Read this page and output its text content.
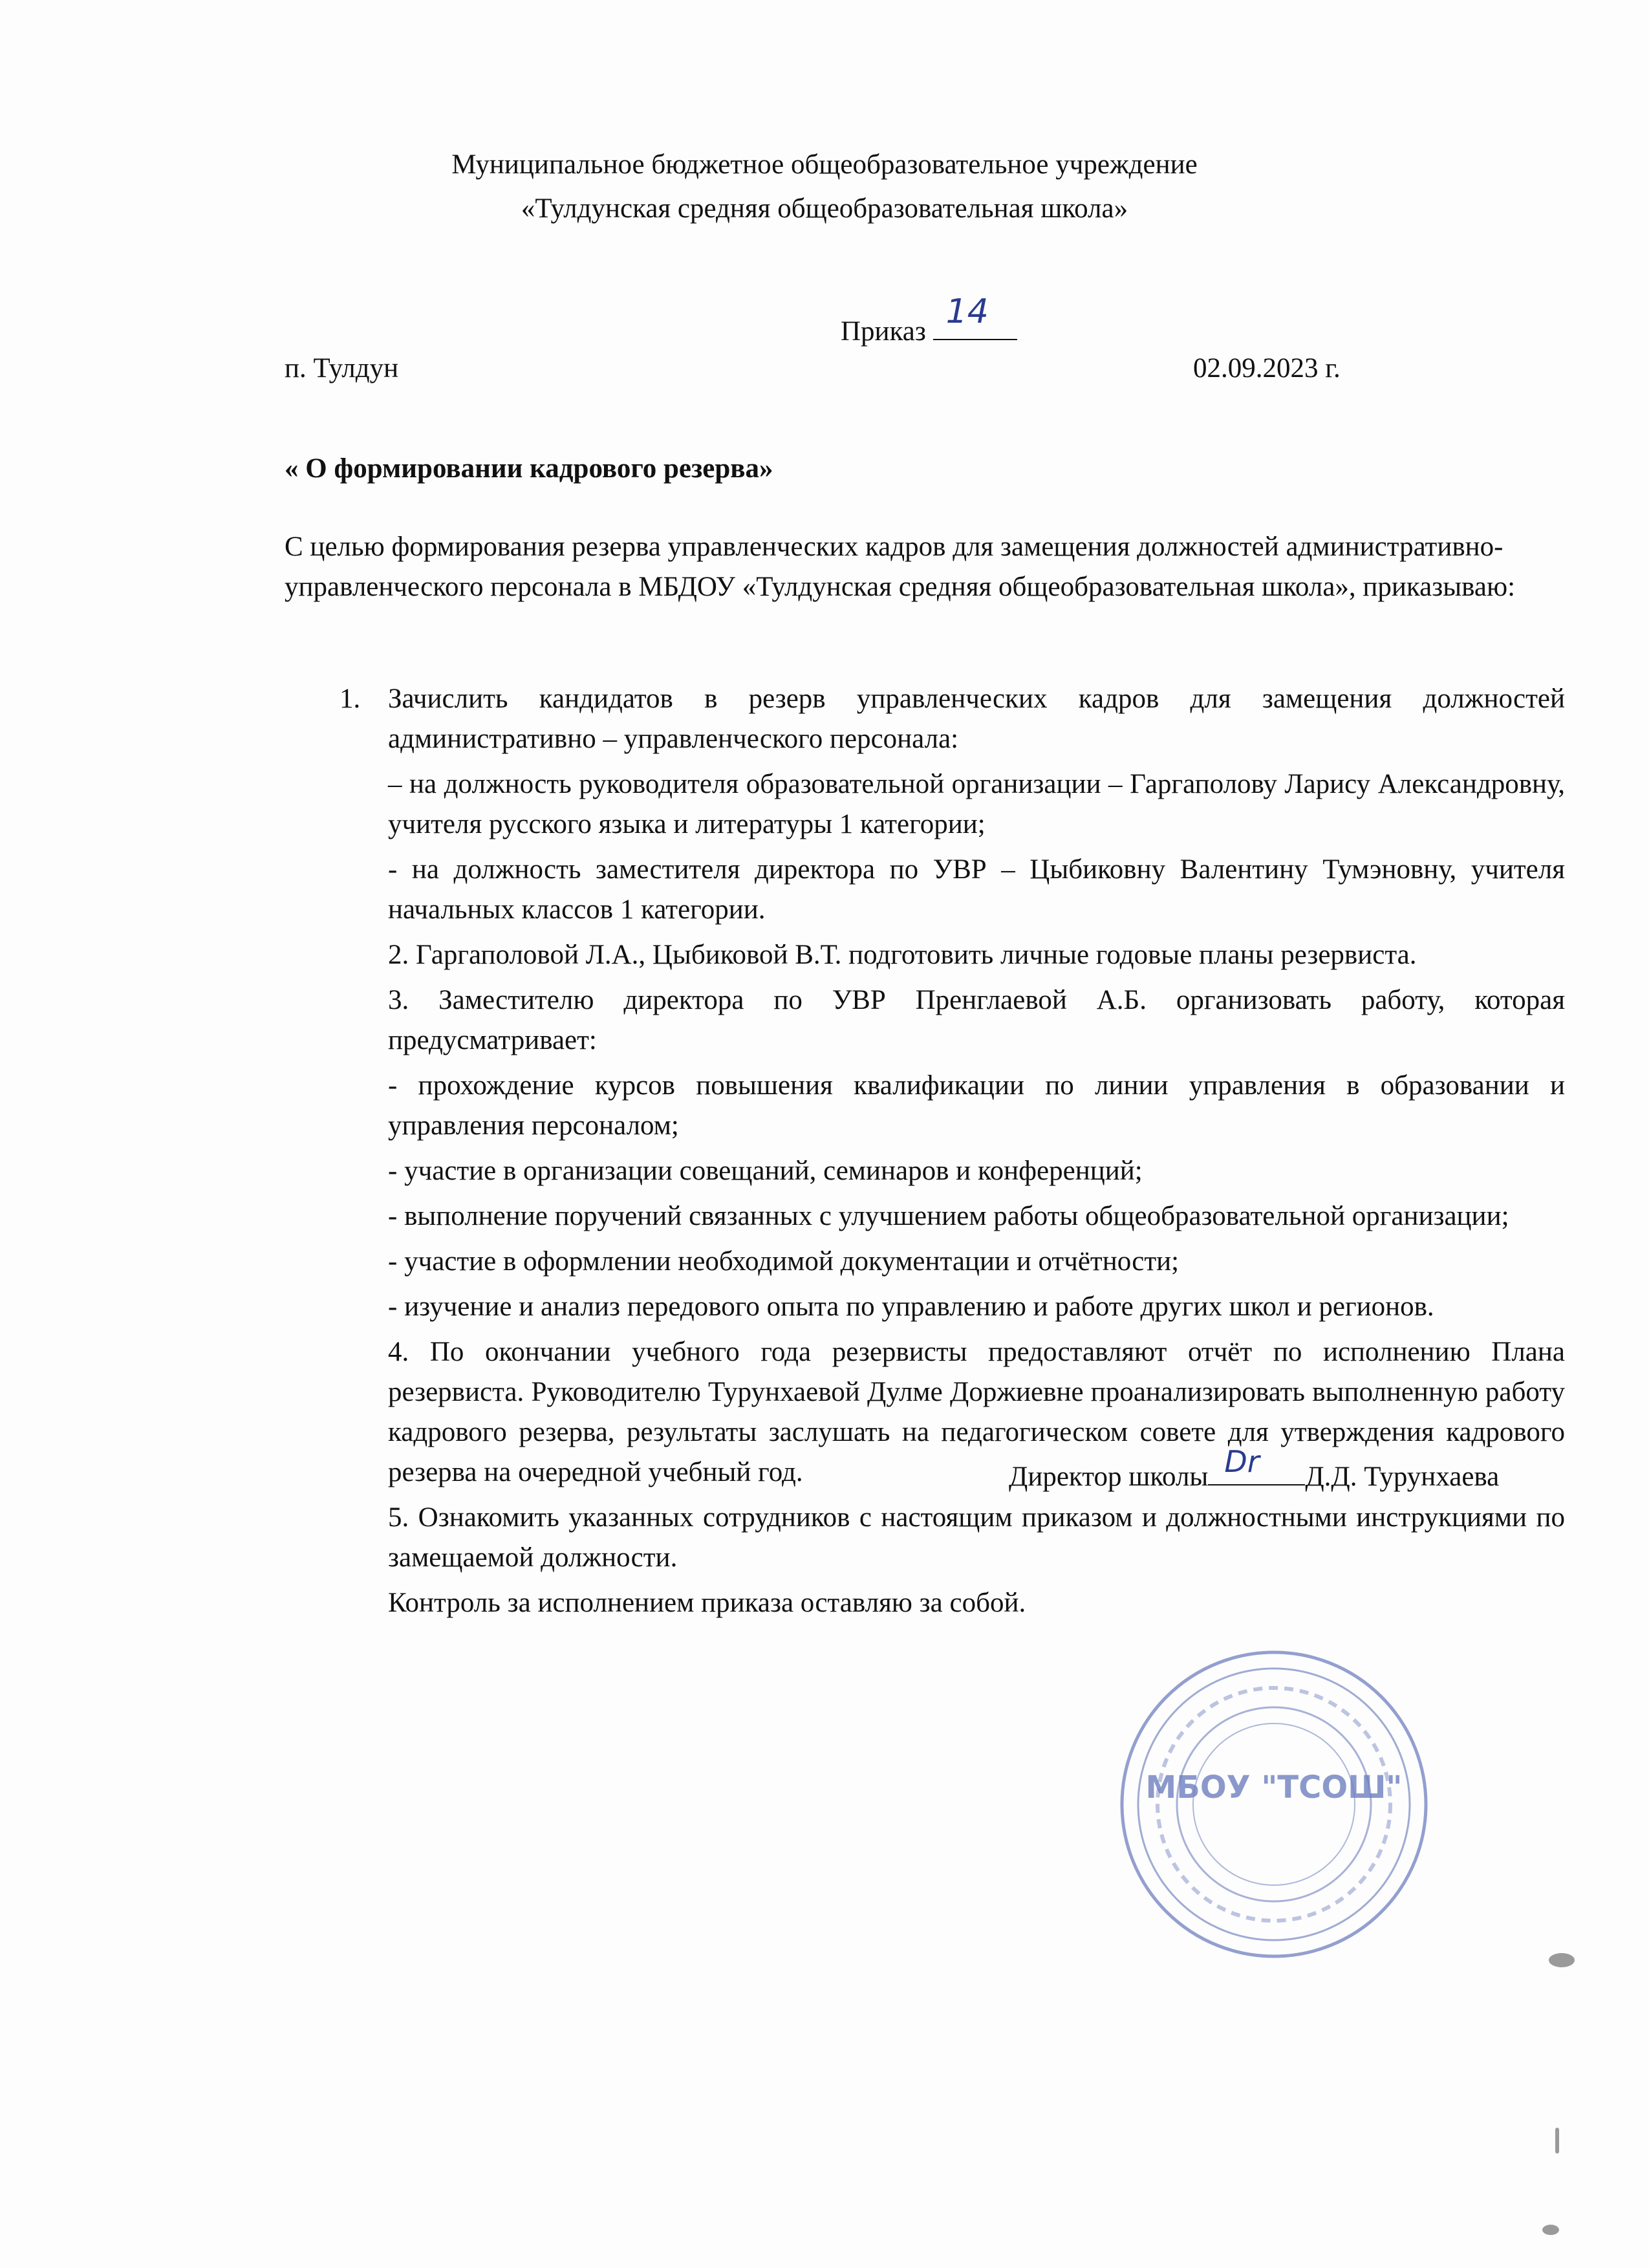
Муниципальное бюджетное общеобразовательное учреждение
«Тулдунская средняя общеобразовательная школа»
Приказ
14
п. Тулдун	02.09.2023 г.
« О формировании кадрового резерва»
С целью формирования резерва управленческих кадров для замещения должностей административно-управленческого персонала в МБДОУ «Тулдунская средняя общеобразовательная школа», приказываю:

1. Зачислить кандидатов в резерв управленческих кадров для замещения должностей административно – управленческого персонала:

– на должность руководителя образовательной организации – Гаргаполову Ларису Александровну, учителя русского языка и литературы 1 категории;

- на должность заместителя директора по УВР – Цыбиковну Валентину Тумэновну, учителя начальных классов 1 категории.

2. Гаргаполовой Л.А., Цыбиковой В.Т. подготовить личные годовые планы резервиста.

3. Заместителю директора по УВР Пренглаевой А.Б. организовать работу, которая предусматривает:

- прохождение курсов повышения квалификации по линии управления в образовании и управления персоналом;

- участие в организации совещаний, семинаров и конференций;

- выполнение поручений связанных с улучшением работы общеобразовательной организации;

- участие в оформлении необходимой документации и отчётности;

- изучение и анализ передового опыта по управлению и работе других школ и регионов.

4. По окончании учебного года резервисты предоставляют отчёт по исполнению Плана резервиста. Руководителю Турунхаевой Дулме Доржиевне проанализировать выполненную работу кадрового резерва, результаты заслушать на педагогическом совете для утверждения кадрового резерва на очередной учебный год.

5. Ознакомить указанных сотрудников с настоящим приказом и должностными инструкциями по замещаемой должности.

Контроль за исполнением приказа оставляю за собой.

Директор школы Dr Д.Д. Турунхаева
МБОУ "ТСОШ"
